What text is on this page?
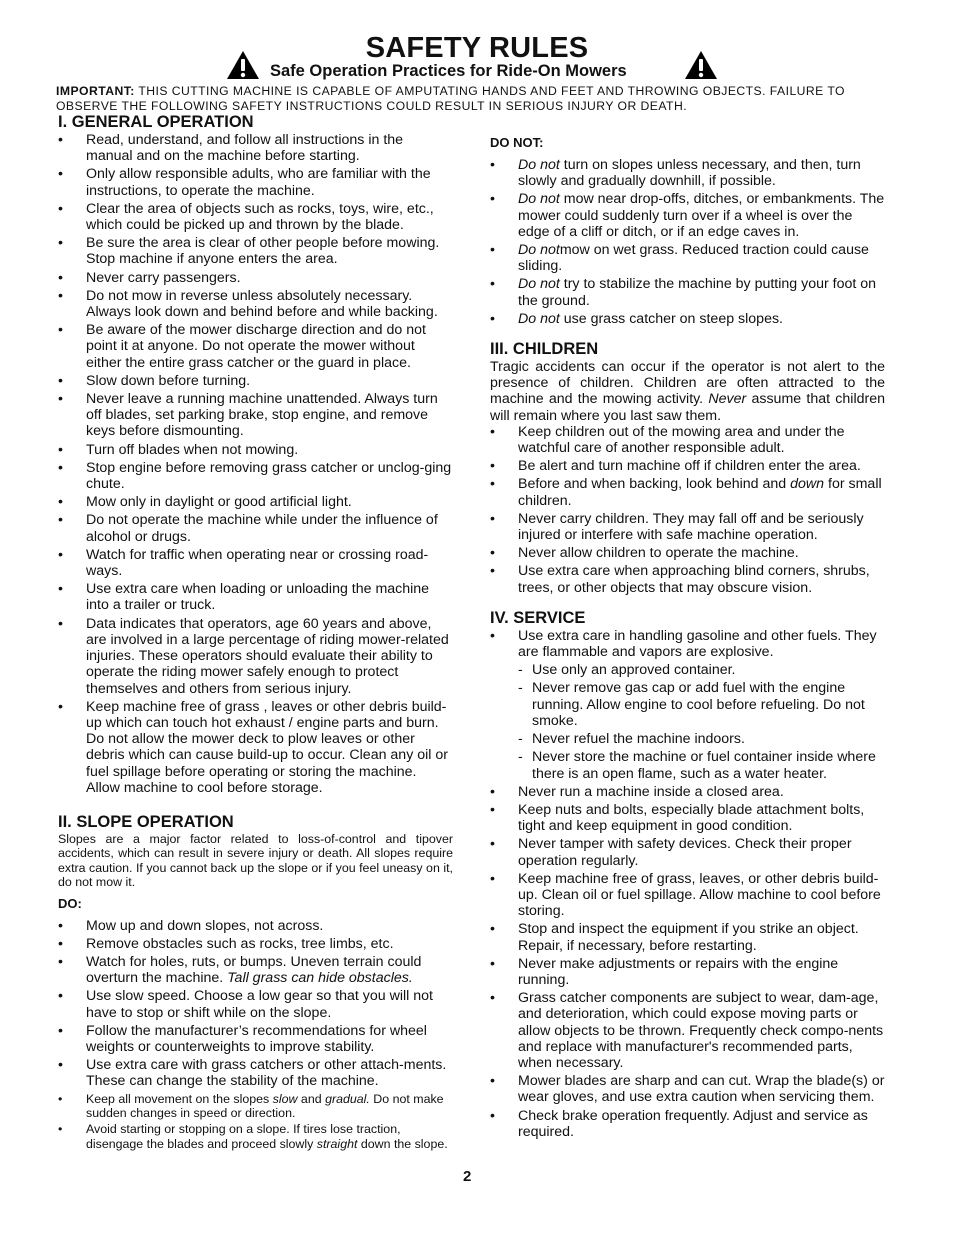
SAFETY RULES
Safe Operation Practices for Ride-On Mowers
IMPORTANT: THIS CUTTING MACHINE IS CAPABLE OF AMPUTATING HANDS AND FEET AND THROWING OBJECTS. FAILURE TO OBSERVE THE FOLLOWING SAFETY INSTRUCTIONS COULD RESULT IN SERIOUS INJURY OR DEATH.
I. GENERAL OPERATION
• Read, understand, and follow all instructions in the manual and on the machine before starting.
• Only allow responsible adults, who are familiar with the instructions, to operate the machine.
• Clear the area of objects such as rocks, toys, wire, etc., which could be picked up and thrown by the blade.
• Be sure the area is clear of other people before mowing. Stop machine if anyone enters the area.
• Never carry passengers.
• Do not mow in reverse unless absolutely necessary. Always look down and behind before and while backing.
• Be aware of the mower discharge direction and do not point it at anyone. Do not operate the mower without either the entire grass catcher or the guard in place.
• Slow down before turning.
• Never leave a running machine unattended. Always turn off blades, set parking brake, stop engine, and remove keys before dismounting.
• Turn off blades when not mowing.
• Stop engine before removing grass catcher or unclog-ging chute.
• Mow only in daylight or good artificial light.
• Do not operate the machine while under the influence of alcohol or drugs.
• Watch for traffic when operating near or crossing road-ways.
• Use extra care when loading or unloading the machine into a trailer or truck.
• Data indicates that operators, age 60 years and above, are involved in a large percentage of riding mower-related injuries. These operators should evaluate their ability to operate the riding mower safely enough to protect themselves and others from serious injury.
• Keep machine free of grass , leaves or other debris build-up which can touch hot exhaust / engine parts and burn. Do not allow the mower deck to plow leaves or other debris which can cause build-up to occur. Clean any oil or fuel spillage before operating or storing the machine. Allow machine to cool before storage.
II. SLOPE OPERATION

Slopes are a major factor related to loss-of-control and tipover accidents, which can result in severe injury or death. All slopes require extra caution. If you cannot back up the slope or if you feel uneasy on it, do not mow it.

DO:

• Mow up and down slopes, not across.
• Remove obstacles such as rocks, tree limbs, etc.
• Watch for holes, ruts, or bumps. Uneven terrain could overturn the machine. Tall grass can hide obstacles.
• Use slow speed. Choose a low gear so that you will not have to stop or shift while on the slope.
• Follow the manufacturer’s recommendations for wheel weights or counterweights to improve stability.
• Use extra care with grass catchers or other attach-ments. These can change the stability of the machine.
• Keep all movement on the slopes slow and gradual. Do not make sudden changes in speed or direction.
• Avoid starting or stopping on a slope. If tires lose traction, disengage the blades and proceed slowly straight down the slope.

DO NOT:

• Do not turn on slopes unless necessary, and then, turn slowly and gradually downhill, if possible.
• Do not mow near drop-offs, ditches, or embankments. The mower could suddenly turn over if a wheel is over the edge of a cliff or ditch, or if an edge caves in.
• Do notmow on wet grass. Reduced traction could cause sliding.
• Do not try to stabilize the machine by putting your foot on the ground.
• Do not use grass catcher on steep slopes.
III. CHILDREN

Tragic accidents can occur if the operator is not alert to the presence of children. Children are often attracted to the machine and the mowing activity. Never assume that children will remain where you last saw them.

• Keep children out of the mowing area and under the watchful care of another responsible adult.
• Be alert and turn machine off if children enter the area.
• Before and when backing, look behind and down for small children.
• Never carry children. They may fall off and be seriously injured or interfere with safe machine operation.
• Never allow children to operate the machine.
• Use extra care when approaching blind corners, shrubs, trees, or other objects that may obscure vision.
IV. SERVICE
• Use extra care in handling gasoline and other fuels. They are flammable and vapors are explosive.
- Use only an approved container.
- Never remove gas cap or add fuel with the engine running. Allow engine to cool before refueling. Do not smoke.
- Never refuel the machine indoors.
- Never store the machine or fuel container inside where there is an open flame, such as a water heater.
• Never run a machine inside a closed area.
• Keep nuts and bolts, especially blade attachment bolts, tight and keep equipment in good condition.
• Never tamper with safety devices. Check their proper operation regularly.
• Keep machine free of grass, leaves, or other debris build-up. Clean oil or fuel spillage. Allow machine to cool before storing.
• Stop and inspect the equipment if you strike an object. Repair, if necessary, before restarting.
• Never make adjustments or repairs with the engine running.
• Grass catcher components are subject to wear, dam-age, and deterioration, which could expose moving parts or allow objects to be thrown. Frequently check compo-nents and replace with manufacturer's recommended parts, when necessary.
• Mower blades are sharp and can cut. Wrap the blade(s) or wear gloves, and use extra caution when servicing them.
• Check brake operation frequently. Adjust and service as required.
2
